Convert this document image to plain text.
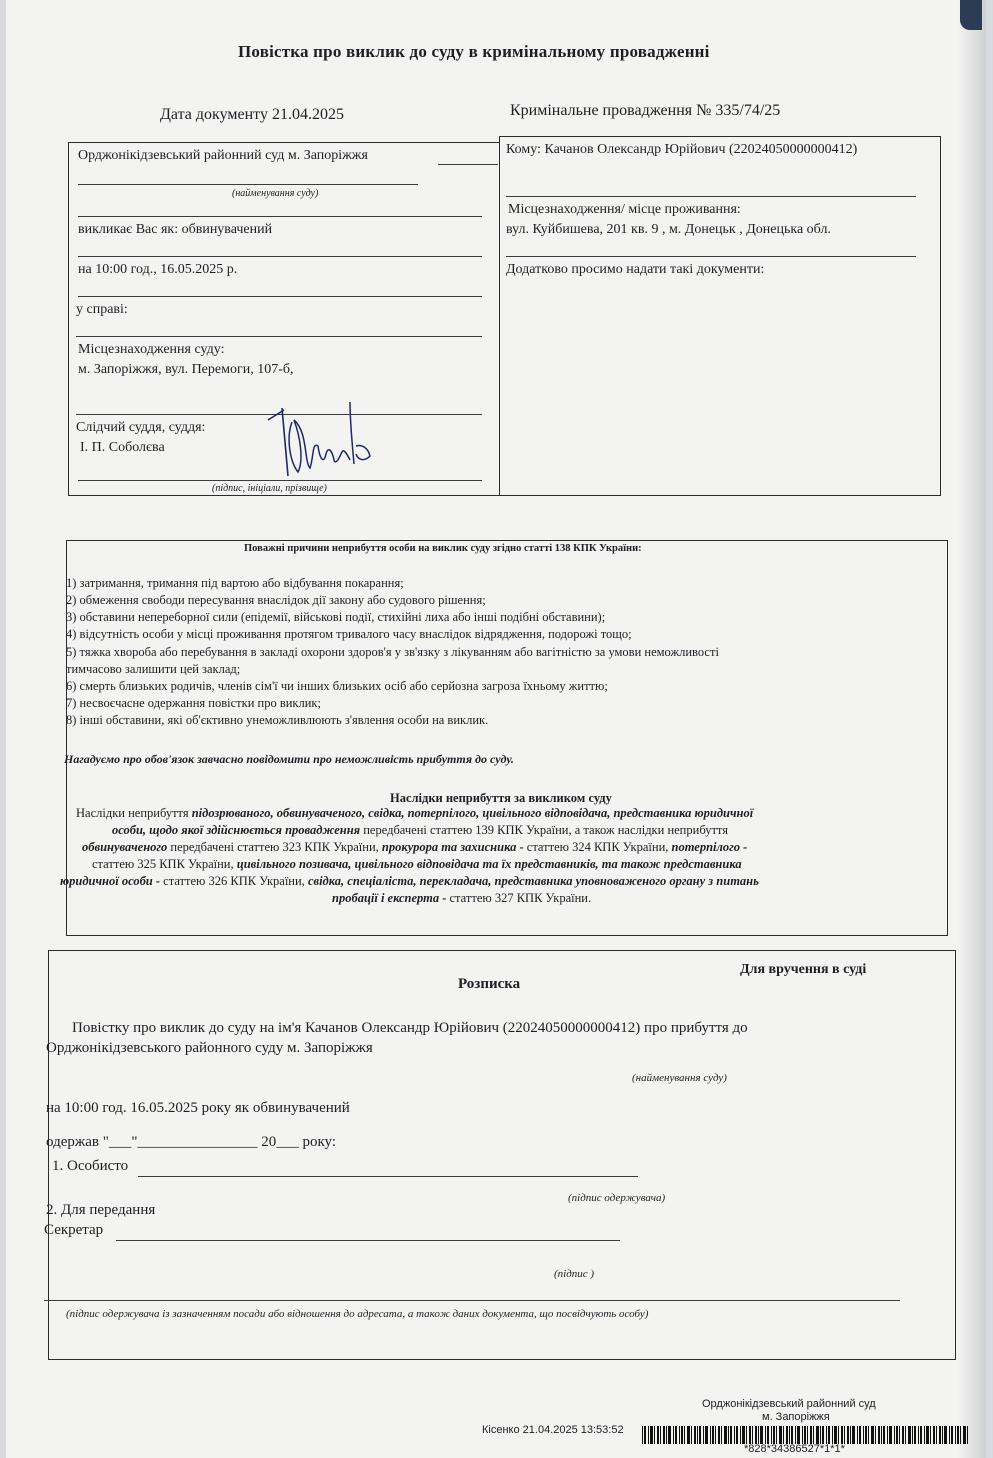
Повістка про виклик до суду в кримінальному провадженні
Дата документу 21.04.2025	Кримінальне провадження № 335/74/25
Орджонікідзевський районний суд м. Запоріжжя
(найменування суду)
викликає Вас як: обвинувачений
на 10:00 год., 16.05.2025 р.
у справі:
Місцезнаходження суду:
м. Запоріжжя, вул. Перемоги, 107-б,
Слідчий суддя, суддя:
І. П. Соболєва
(підпис, ініціали, прізвище)
Кому: Качанов Олександр Юрійович (22024050000000412)
Місцезнаходження/ місце проживання:
вул. Куйбишева, 201 кв. 9 , м. Донецьк , Донецька обл.
Додатково просимо надати такі документи:
Поважні причини неприбуття особи на виклик суду згідно статті 138 КПК України:
1) затримання, тримання під вартою або відбування покарання;
2) обмеження свободи пересування внаслідок дії закону або судового рішення;
3) обставини непереборної сили (епідемії, військові події, стихійні лиха або інші подібні обставини);
4) відсутність особи у місці проживання протягом тривалого часу внаслідок відрядження, подорожі тощо;
5) тяжка хвороба або перебування в закладі охорони здоров'я у зв'язку з лікуванням або вагітністю за умови неможливості
тимчасово залишити цей заклад;
6) смерть близьких родичів, членів сім'ї чи інших близьких осіб або серйозна загроза їхньому життю;
7) несвоєчасне одержання повістки про виклик;
8) інші обставини, які об'єктивно унеможливлюють з'явлення особи на виклик.
Нагадуємо про обов'язок завчасно повідомити про неможливість прибуття до суду.
Наслідки неприбуття за викликом суду
Наслідки неприбуття підозрюваного, обвинуваченого, свідка, потерпілого, цивільного відповідача, представника юридичної
особи, щодо якої здійснюється провадження передбачені статтею 139 КПК України, а також наслідки неприбуття
обвинуваченого передбачені статтею 323 КПК України, прокурора та захисника - статтею 324 КПК України, потерпілого -
статтею 325 КПК України, цивільного позивача, цивільного відповідача та їх представників, та також представника
юридичної особи - статтею 326 КПК України, свідка, спеціаліста, перекладача, представника уповноваженого органу з питань
пробації і експерта - статтею 327 КПК України.
Для вручення в суді
Розписка
Повістку про виклик до суду на ім'я Качанов Олександр Юрійович (22024050000000412) про прибуття до
Орджонікідзевського районного суду м. Запоріжжя
(найменування суду)
на 10:00 год. 16.05.2025 року як обвинувачений
одержав "___"________________ 20___ року:
1. Особисто
(підпис одержувача)
2. Для передання
Секретар
(підпис )
(підпис одержувача із зазначенням посади або відношення до адресата, а також даних документа, що посвідчують особу)
Орджонікідзевський районний суд
м. Запоріжжя
Кісенко 21.04.2025 13:53:52
*828*34386527*1*1*
